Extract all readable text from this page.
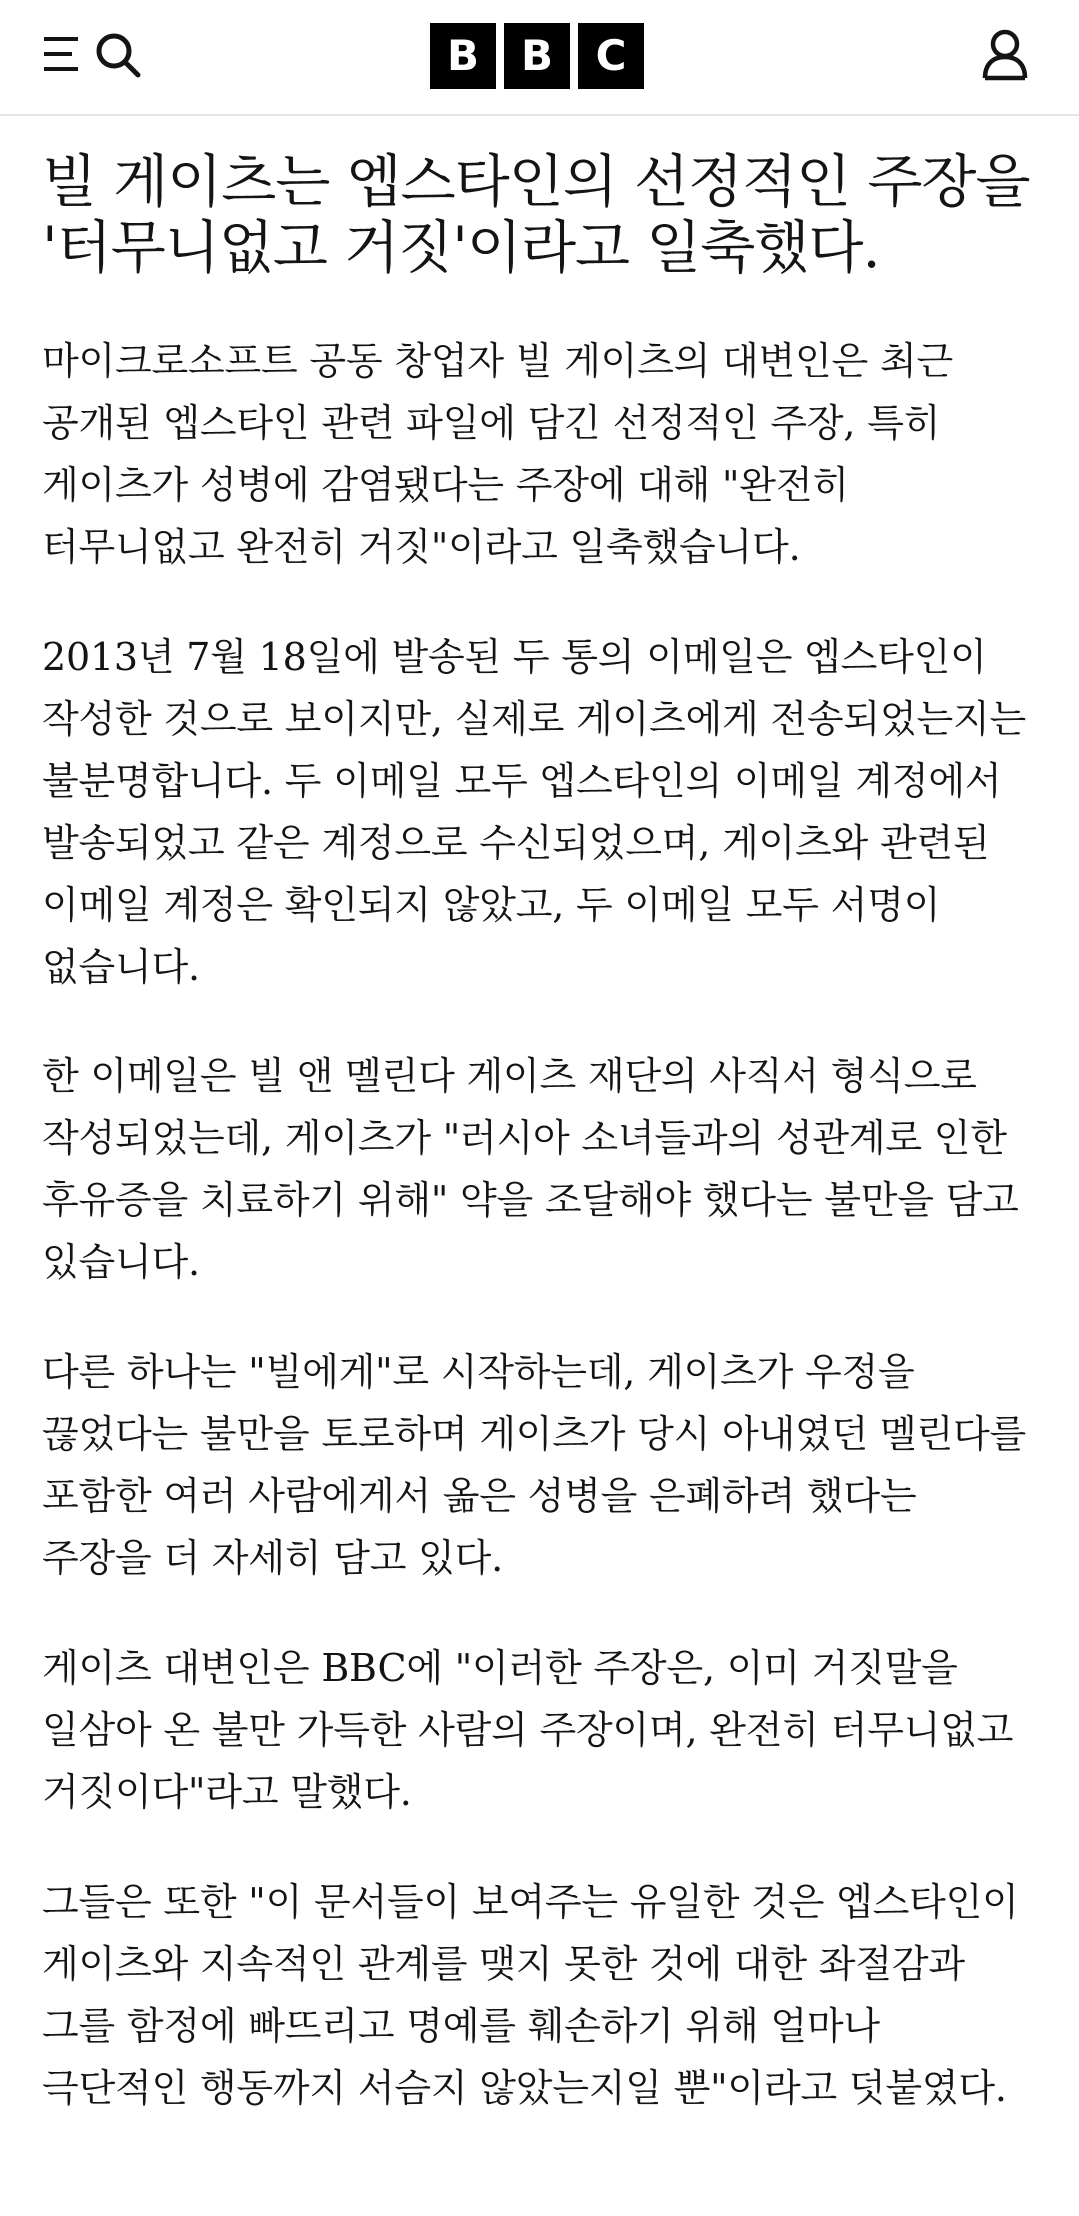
B B	C
빌 게이츠는 엡스타인의 선정적인 주장을 '터무니없고 거짓'이라고 일축했다.

마이크로소프트 공동 창업자 빌 게이츠의 대변인은 최근 공개된 엡스타인 관련 파일에 담긴 선정적인 주장, 특히 게이츠가 성병에 감염됐다는 주장에 대해 "완전히 터무니없고 완전히 거짓"이라고 일축했습니다.

2013년 7월 18일에 발송된 두 통의 이메일은 엡스타인이 작성한 것으로 보이지만, 실제로 게이츠에게 전송되었는지는 불분명합니다. 두 이메일 모두 엡스타인의 이메일 계정에서 발송되었고 같은 계정으로 수신되었으며, 게이츠와 관련된 이메일 계정은 확인되지 않았고, 두 이메일 모두 서명이 없습니다.

한 이메일은 빌 앤 멜린다 게이츠 재단의 사직서 형식으로 작성되었는데, 게이츠가 "러시아 소녀들과의 성관계로 인한 후유증을 치료하기 위해" 약을 조달해야 했다는 불만을 담고 있습니다.

다른 하나는 "빌에게"로 시작하는데, 게이츠가 우정을 끊었다는 불만을 토로하며 게이츠가 당시 아내였던 멜린다를 포함한 여러 사람에게서 옮은 성병을 은폐하려 했다는 주장을 더 자세히 담고 있다.

게이츠 대변인은 BBC에 "이러한 주장은, 이미 거짓말을 일삼아 온 불만 가득한 사람의 주장이며, 완전히 터무니없고 거짓이다"라고 말했다.

그들은 또한 "이 문서들이 보여주는 유일한 것은 엡스타인이 게이츠와 지속적인 관계를 맺지 못한 것에 대한 좌절감과 그를 함정에 빠뜨리고 명예를 훼손하기 위해 얼마나 극단적인 행동까지 서슴지 않았는지일 뿐"이라고 덧붙였다.
